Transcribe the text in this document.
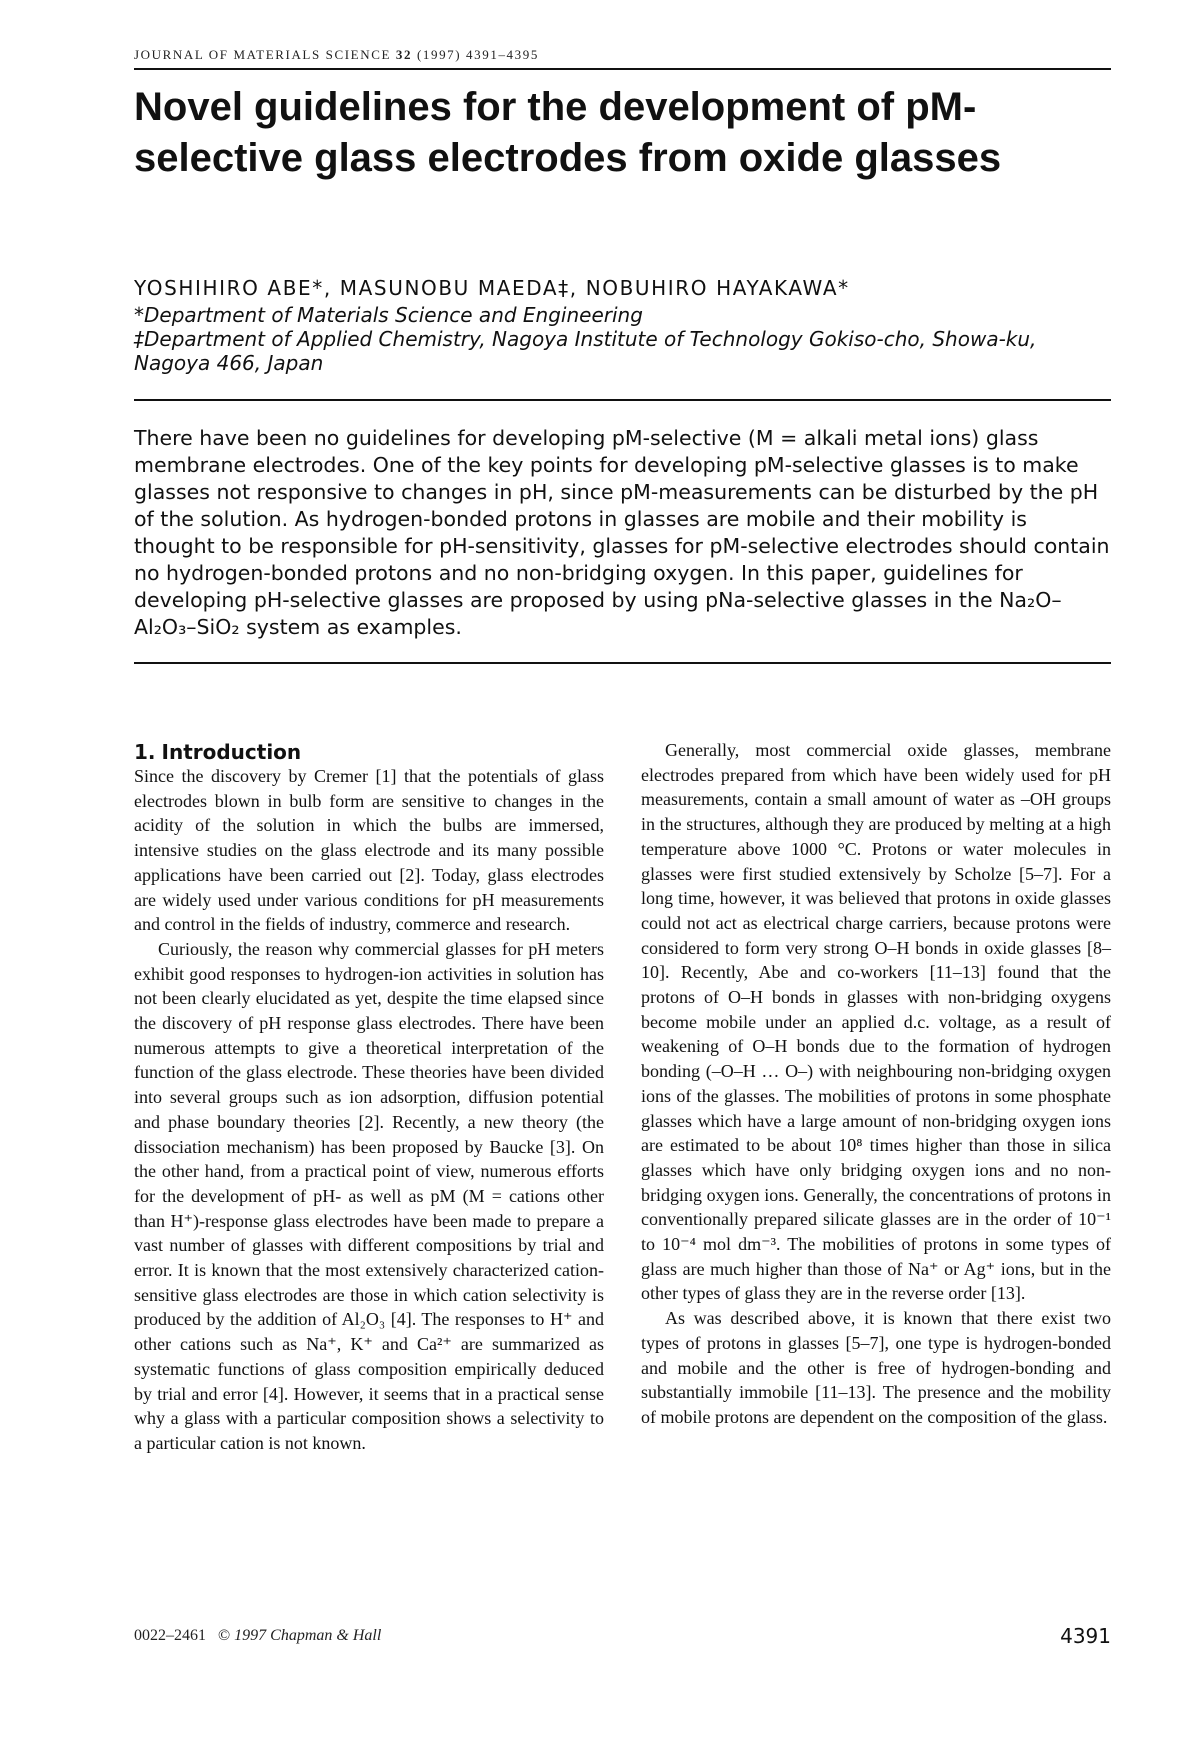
JOURNAL OF MATERIALS SCIENCE 32 (1997) 4391–4395
Novel guidelines for the development of pM-selective glass electrodes from oxide glasses
YOSHIHIRO ABE*, MASUNOBU MAEDA‡, NOBUHIRO HAYAKAWA*
*Department of Materials Science and Engineering
‡Department of Applied Chemistry, Nagoya Institute of Technology Gokiso-cho, Showa-ku, Nagoya 466, Japan

There have been no guidelines for developing pM-selective (M = alkali metal ions) glass membrane electrodes. One of the key points for developing pM-selective glasses is to make glasses not responsive to changes in pH, since pM-measurements can be disturbed by the pH of the solution. As hydrogen-bonded protons in glasses are mobile and their mobility is thought to be responsible for pH-sensitivity, glasses for pM-selective electrodes should contain no hydrogen-bonded protons and no non-bridging oxygen. In this paper, guidelines for developing pH-selective glasses are proposed by using pNa-selective glasses in the Na₂O–Al₂O₃–SiO₂ system as examples.

1. Introduction

Since the discovery by Cremer [1] that the potentials of glass electrodes blown in bulb form are sensitive to changes in the acidity of the solution in which the bulbs are immersed, intensive studies on the glass electrode and its many possible applications have been carried out [2]. Today, glass electrodes are widely used under various conditions for pH measurements and control in the fields of industry, commerce and research.

Curiously, the reason why commercial glasses for pH meters exhibit good responses to hydrogen-ion activities in solution has not been clearly elucidated as yet, despite the time elapsed since the discovery of pH response glass electrodes. There have been numerous attempts to give a theoretical interpretation of the function of the glass electrode. These theories have been divided into several groups such as ion adsorption, diffusion potential and phase boundary theories [2]. Recently, a new theory (the dissociation mechanism) has been proposed by Baucke [3]. On the other hand, from a practical point of view, numerous efforts for the development of pH- as well as pM (M = cations other than H⁺)-response glass electrodes have been made to prepare a vast number of glasses with different compositions by trial and error. It is known that the most extensively characterized cation-sensitive glass electrodes are those in which cation selectivity is produced by the addition of Al₂O₃ [4]. The responses to H⁺ and other cations such as Na⁺, K⁺ and Ca²⁺ are summarized as systematic functions of glass composition empirically deduced by trial and error [4]. However, it seems that in a practical sense why a glass with a particular composition shows a selectivity to a particular cation is not known.

Generally, most commercial oxide glasses, membrane electrodes prepared from which have been widely used for pH measurements, contain a small amount of water as –OH groups in the structures, although they are produced by melting at a high temperature above 1000 °C. Protons or water molecules in glasses were first studied extensively by Scholze [5–7]. For a long time, however, it was believed that protons in oxide glasses could not act as electrical charge carriers, because protons were considered to form very strong O–H bonds in oxide glasses [8–10]. Recently, Abe and co-workers [11–13] found that the protons of O–H bonds in glasses with non-bridging oxygens become mobile under an applied d.c. voltage, as a result of weakening of O–H bonds due to the formation of hydrogen bonding (–O–H … O–) with neighbouring non-bridging oxygen ions of the glasses. The mobilities of protons in some phosphate glasses which have a large amount of non-bridging oxygen ions are estimated to be about 10⁸ times higher than those in silica glasses which have only bridging oxygen ions and no non-bridging oxygen ions. Generally, the concentrations of protons in conventionally prepared silicate glasses are in the order of 10⁻¹ to 10⁻⁴ mol dm⁻³. The mobilities of protons in some types of glass are much higher than those of Na⁺ or Ag⁺ ions, but in the other types of glass they are in the reverse order [13].

As was described above, it is known that there exist two types of protons in glasses [5–7], one type is hydrogen-bonded and mobile and the other is free of hydrogen-bonding and substantially immobile [11–13]. The presence and the mobility of mobile protons are dependent on the composition of the glass.

0022–2461 © 1997 Chapman & Hall	4391
